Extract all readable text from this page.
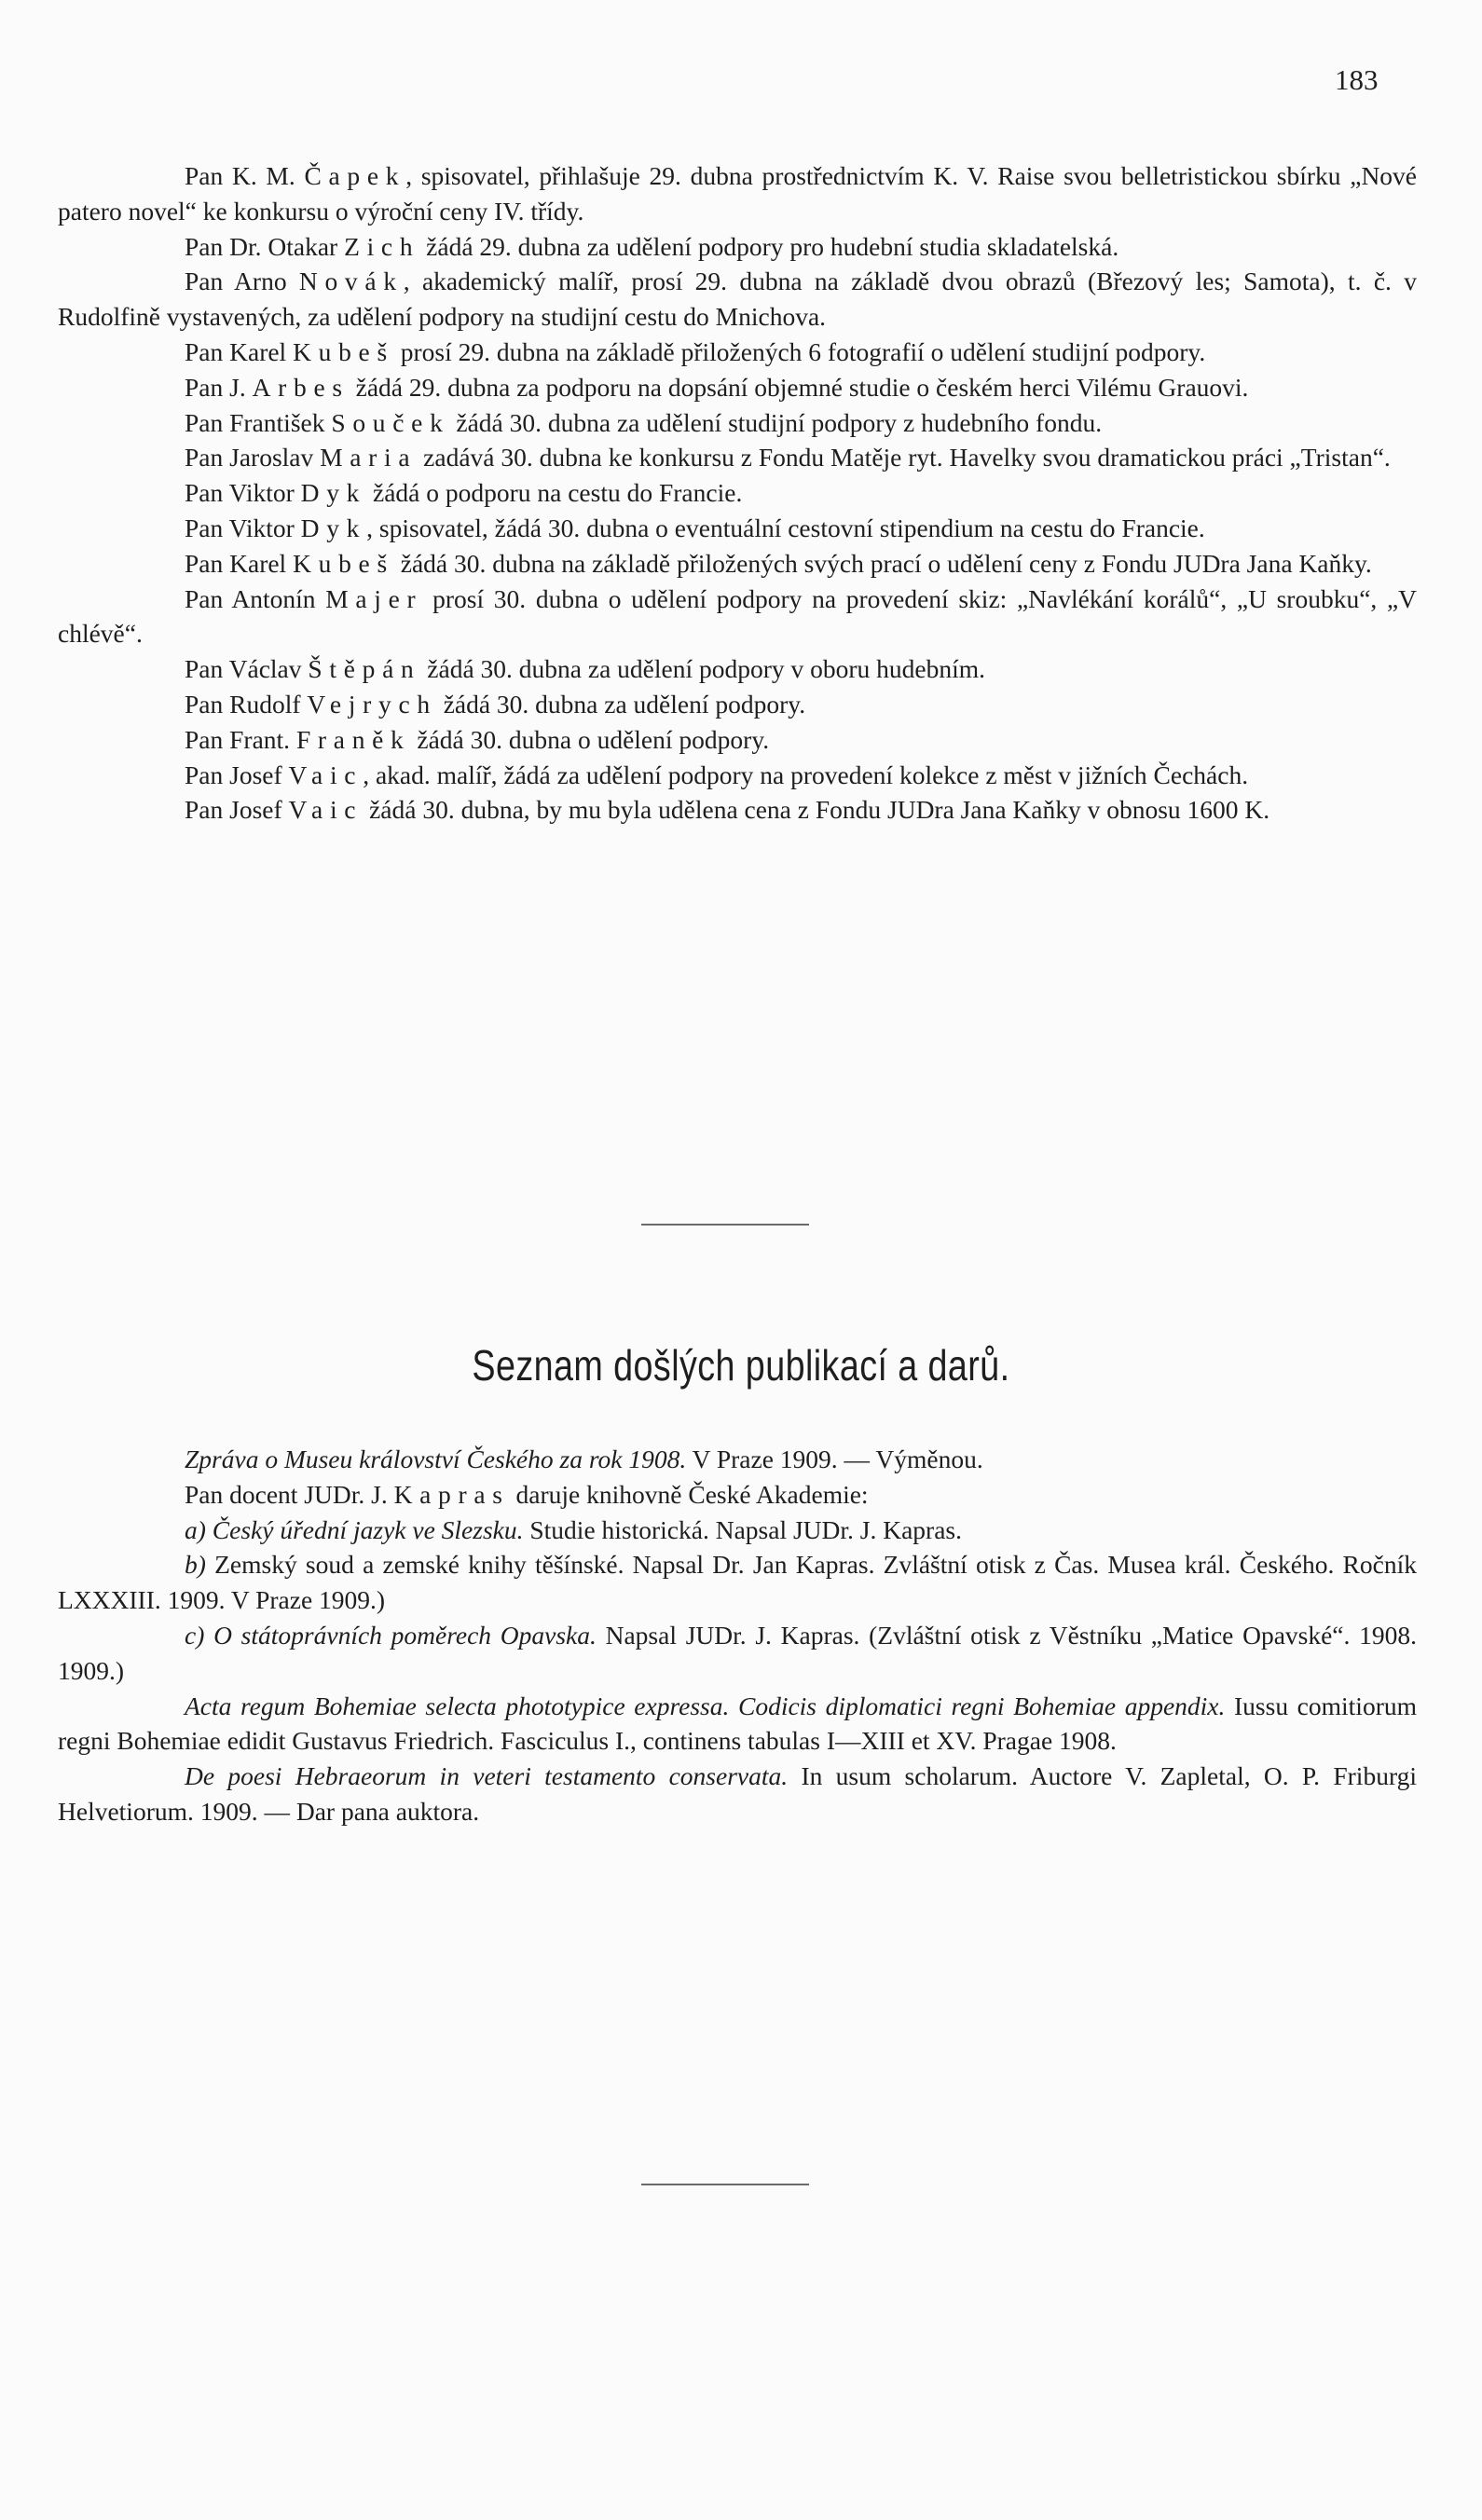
183

Pan K. M. Čapek, spisovatel, přihlašuje 29. dubna prostřednictvím K. V. Raise svou belletristickou sbírku „Nové patero novel“ ke konkursu o výroční ceny IV. třídy.

Pan Dr. Otakar Zich žádá 29. dubna za udělení podpory pro hudební studia skladatelská.

Pan Arno Novák, akademický malíř, prosí 29. dubna na základě dvou obrazů (Březový les; Samota), t. č. v Rudolfině vystavených, za udělení podpory na studijní cestu do Mnichova.

Pan Karel Kubeš prosí 29. dubna na základě přiložených 6 fotografií o udělení studijní podpory.

Pan J. Arbes žádá 29. dubna za podporu na dopsání objemné studie o českém herci Vilému Grauovi.

Pan František Souček žádá 30. dubna za udělení studijní podpory z hudebního fondu.

Pan Jaroslav Maria zadává 30. dubna ke konkursu z Fondu Matěje ryt. Havelky svou dramatickou práci „Tristan“.

Pan Viktor Dyk žádá o podporu na cestu do Francie.

Pan Viktor Dyk, spisovatel, žádá 30. dubna o eventuální cestovní stipendium na cestu do Francie.

Pan Karel Kubeš žádá 30. dubna na základě přiložených svých prací o udělení ceny z Fondu JUDra Jana Kaňky.

Pan Antonín Majer prosí 30. dubna o udělení podpory na provedení skiz: „Navlékání korálů“, „U sroubku“, „V chlévě“.

Pan Václav Štěpán žádá 30. dubna za udělení podpory v oboru hudebním.

Pan Rudolf Vejrych žádá 30. dubna za udělení podpory.

Pan Frant. Franěk žádá 30. dubna o udělení podpory.

Pan Josef Vaic, akad. malíř, žádá za udělení podpory na provedení kolekce z měst v jižních Čechách.

Pan Josef Vaic žádá 30. dubna, by mu byla udělena cena z Fondu JUDra Jana Kaňky v obnosu 1600 K.

Seznam došlých publikací a darů.

Zpráva o Museu království Českého za rok 1908. V Praze 1909. — Výměnou.

Pan docent JUDr. J. Kapras daruje knihovně České Akademie:

a) Český úřední jazyk ve Slezsku. Studie historická. Napsal JUDr. J. Kapras.

b) Zemský soud a zemské knihy těšínské. Napsal Dr. Jan Kapras. Zvláštní otisk z Čas. Musea král. Českého. Ročník LXXXIII. 1909. V Praze 1909.)

c) O státoprávních poměrech Opavska. Napsal JUDr. J. Kapras. (Zvláštní otisk z Věstníku „Matice Opavské“. 1908. 1909.)

Acta regum Bohemiae selecta phototypice expressa. Codicis diplomatici regni Bohemiae appendix. Iussu comitiorum regni Bohemiae edidit Gustavus Friedrich. Fasciculus I., continens tabulas I—XIII et XV. Pragae 1908.

De poesi Hebraeorum in veteri testamento conservata. In usum scholarum. Auctore V. Zapletal, O. P. Friburgi Helvetiorum. 1909. — Dar pana auktora.
